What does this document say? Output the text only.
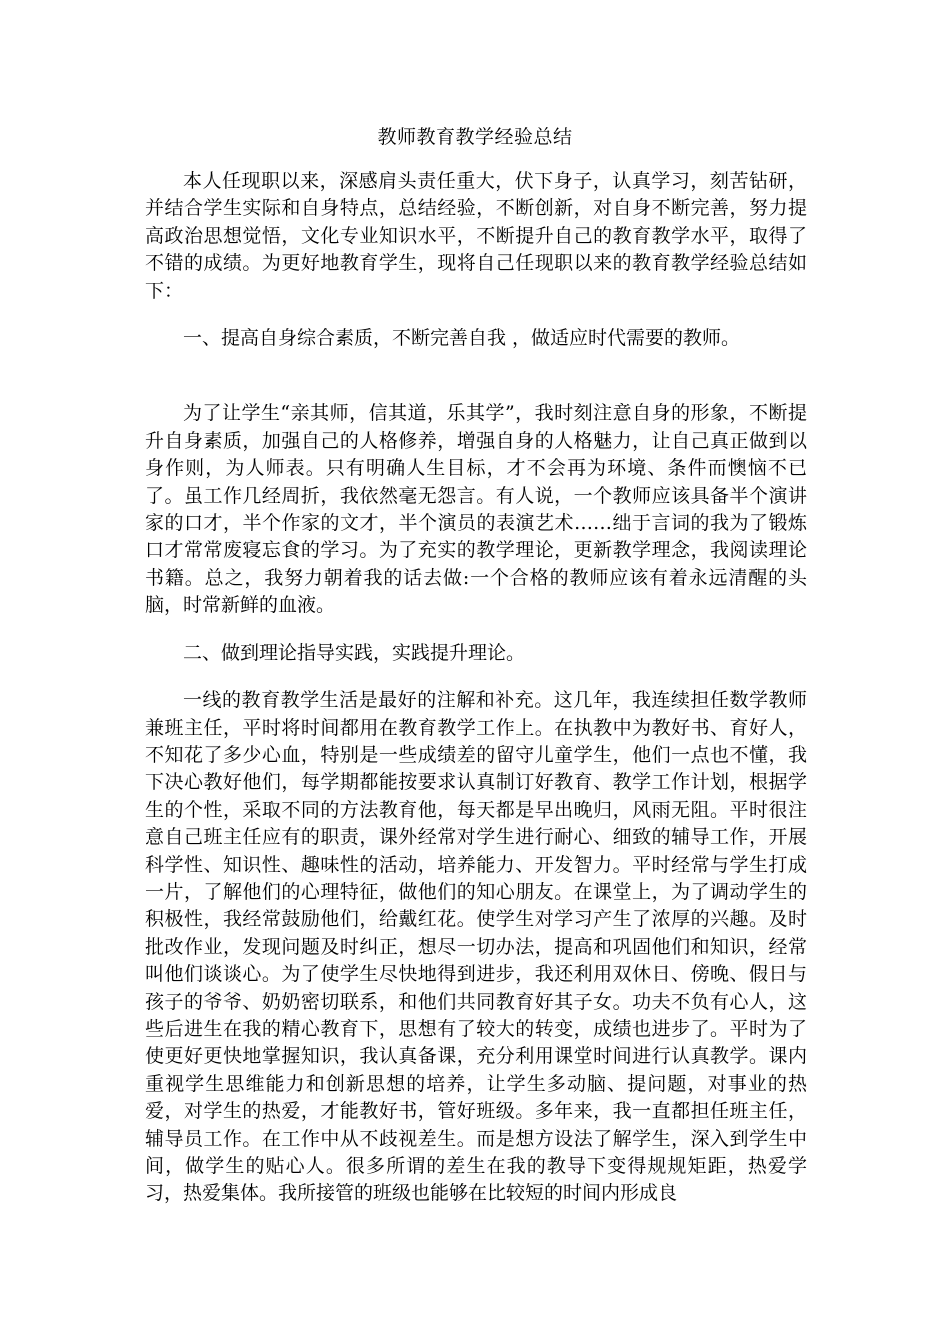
教师教育教学经验总结

本人任现职以来，深感肩头责任重大，伏下身子，认真学习，刻苦钻研，并结合学生实际和自身特点，总结经验，不断创新，对自身不断完善，努力提高政治思想觉悟，文化专业知识水平，不断提升自己的教育教学水平，取得了不错的成绩。为更好地教育学生，现将自己任现职以来的教育教学经验总结如下：

一、提高自身综合素质，不断完善自我 ，做适应时代需要的教师。

为了让学生“亲其师，信其道，乐其学”，我时刻注意自身的形象，不断提升自身素质，加强自己的人格修养，增强自身的人格魅力，让自己真正做到以身作则，为人师表。只有明确人生目标，才不会再为环境、条件而懊恼不已了。虽工作几经周折，我依然毫无怨言。有人说，一个教师应该具备半个演讲家的口才，半个作家的文才，半个演员的表演艺术……绌于言词的我为了锻炼口才常常废寝忘食的学习。为了充实的教学理论，更新教学理念，我阅读理论书籍。总之，我努力朝着我的话去做:一个合格的教师应该有着永远清醒的头脑，时常新鲜的血液。

二、做到理论指导实践，实践提升理论。

一线的教育教学生活是最好的注解和补充。这几年，我连续担任数学教师兼班主任，平时将时间都用在教育教学工作上。在执教中为教好书、育好人，不知花了多少心血，特别是一些成绩差的留守儿童学生，他们一点也不懂，我下决心教好他们，每学期都能按要求认真制订好教育、教学工作计划，根据学生的个性，采取不同的方法教育他，每天都是早出晚归，风雨无阻。平时很注意自己班主任应有的职责，课外经常对学生进行耐心、细致的辅导工作，开展科学性、知识性、趣味性的活动，培养能力、开发智力。平时经常与学生打成一片，了解他们的心理特征，做他们的知心朋友。在课堂上，为了调动学生的积极性，我经常鼓励他们，给戴红花。使学生对学习产生了浓厚的兴趣。及时批改作业，发现问题及时纠正，想尽一切办法，提高和巩固他们和知识，经常叫他们谈谈心。为了使学生尽快地得到进步，我还利用双休日、傍晚、假日与孩子的爷爷、奶奶密切联系，和他们共同教育好其子女。功夫不负有心人，这些后进生在我的精心教育下，思想有了较大的转变，成绩也进步了。平时为了使更好更快地掌握知识，我认真备课，充分利用课堂时间进行认真教学。课内重视学生思维能力和创新思想的培养，让学生多动脑、提问题，对事业的热爱，对学生的热爱，才能教好书，管好班级。多年来，我一直都担任班主任，辅导员工作。在工作中从不歧视差生。而是想方设法了解学生，深入到学生中间，做学生的贴心人。很多所谓的差生在我的教导下变得规规矩距，热爱学习，热爱集体。我所接管的班级也能够在比较短的时间内形成良
